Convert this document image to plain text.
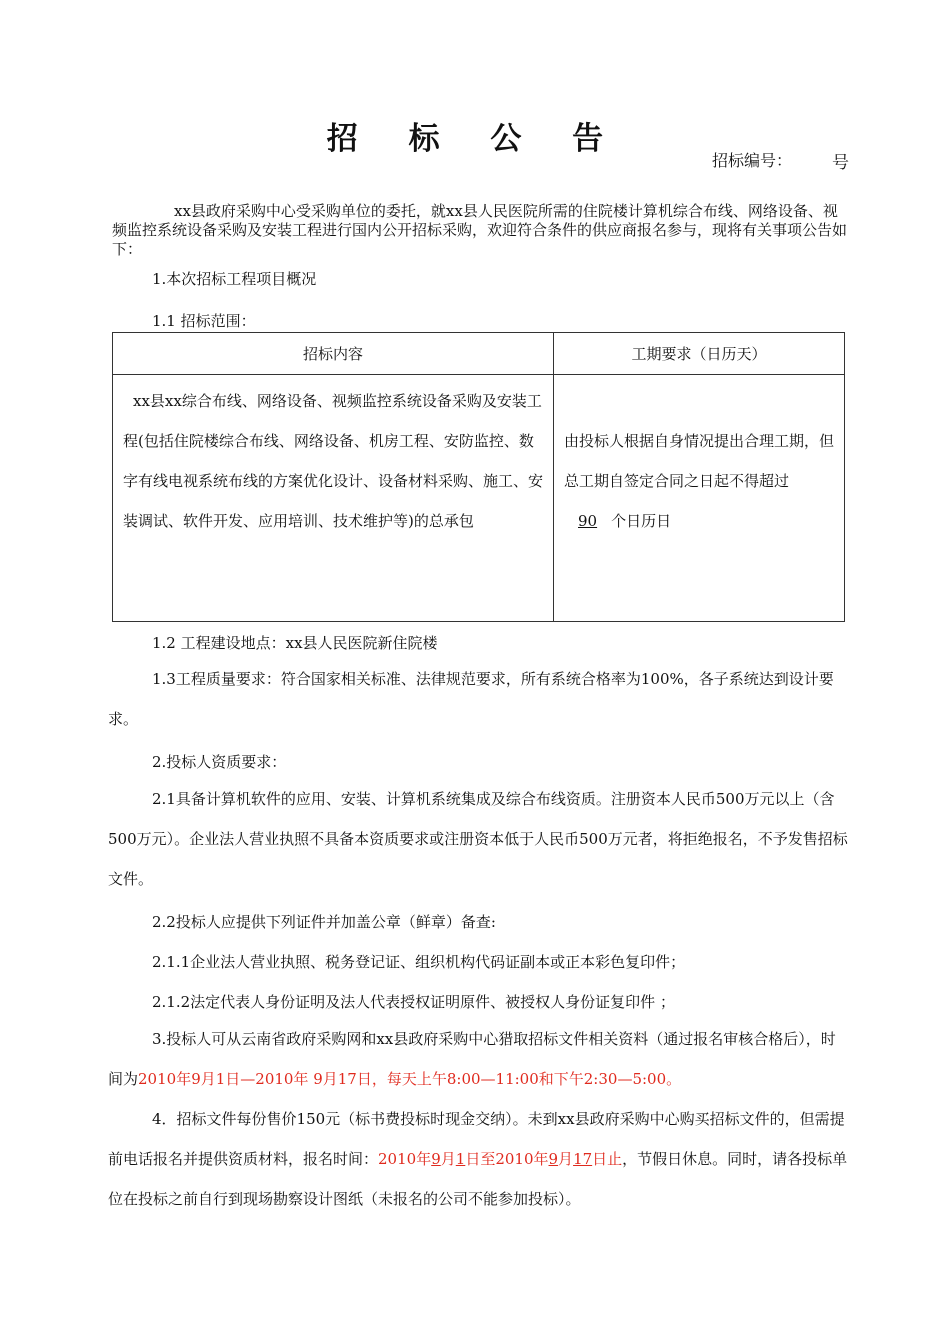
招 标 公 告
招标编号： 号
xx县政府采购中心受采购单位的委托，就xx县人民医院所需的住院楼计算机综合布线、网络设备、视频监控系统设备采购及安装工程进行国内公开招标采购，欢迎符合条件的供应商报名参与，现将有关事项公告如下：
1.本次招标工程项目概况
1.1 招标范围：
招标内容	工期要求（日历天）
xx县xx综合布线、网络设备、视频监控系统设备采购及安装工程(包括住院楼综合布线、网络设备、机房工程、安防监控、数字有线电视系统布线的方案优化设计、设备材料采购、施工、安装调试、软件开发、应用培训、技术维护等)的总承包	由投标人根据自身情况提出合理工期，但总工期自签定合同之日起不得超过90 个日历日
1.2 工程建设地点：xx县人民医院新住院楼
1.3工程质量要求：符合国家相关标准、法律规范要求，所有系统合格率为100%，各子系统达到设计要求。
2.投标人资质要求：
2.1具备计算机软件的应用、安装、计算机系统集成及综合布线资质。注册资本人民币500万元以上（含500万元）。企业法人营业执照不具备本资质要求或注册资本低于人民币500万元者，将拒绝报名，不予发售招标文件。
2.2投标人应提供下列证件并加盖公章（鲜章）备查:
2.1.1企业法人营业执照、税务登记证、组织机构代码证副本或正本彩色复印件；
2.1.2法定代表人身份证明及法人代表授权证明原件、被授权人身份证复印件 ；
3.投标人可从云南省政府采购网和xx县政府采购中心猎取招标文件相关资料（通过报名审核合格后），时间为2010年9月1日—2010年 9月17日，每天上午8:00—11:00和下午2:30—5:00。
4．招标文件每份售价150元（标书费投标时现金交纳）。未到xx县政府采购中心购买招标文件的，但需提前电话报名并提供资质材料，报名时间：2010年9月1日至2010年9月17日止，节假日休息。同时，请各投标单位在投标之前自行到现场勘察设计图纸（未报名的公司不能参加投标）。
